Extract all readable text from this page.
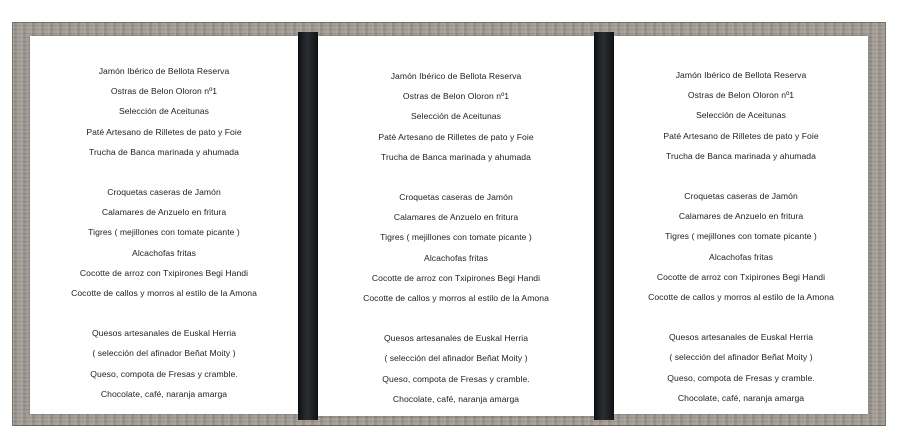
Jamón Ibérico de Bellota Reserva
Ostras de Belon Oloron nº1
Selección de Aceitunas
Paté Artesano de Rilletes de pato y Foie
Trucha de Banca marinada y ahumada
Croquetas caseras de Jamón
Calamares de Anzuelo en fritura
Tigres ( mejillones con tomate picante )
Alcachofas fritas
Cocotte de arroz con Txipirones Begi Handi
Cocotte de callos y morros al estilo de la Amona
Quesos artesanales de Euskal Herria
( selección del afinador Beñat Moity )
Queso, compota de Fresas y cramble.
Chocolate, café, naranja amarga
Jamón Ibérico de Bellota Reserva
Ostras de Belon Oloron nº1
Selección de Aceitunas
Paté Artesano de Rilletes de pato y Foie
Trucha de Banca marinada y ahumada
Croquetas caseras de Jamón
Calamares de Anzuelo en fritura
Tigres ( mejillones con tomate picante )
Alcachofas fritas
Cocotte de arroz con Txipirones Begi Handi
Cocotte de callos y morros al estilo de la Amona
Quesos artesanales de Euskal Herria
( selección del afinador Beñat Moity )
Queso, compota de Fresas y cramble.
Chocolate, café, naranja amarga
Jamón Ibérico de Bellota Reserva
Ostras de Belon Oloron nº1
Selección de Aceitunas
Paté Artesano de Rilletes de pato y Foie
Trucha de Banca marinada y ahumada
Croquetas caseras de Jamón
Calamares de Anzuelo en fritura
Tigres ( mejillones con tomate picante )
Alcachofas fritas
Cocotte de arroz con Txipirones Begi Handi
Cocotte de callos y morros al estilo de la Amona
Quesos artesanales de Euskal Herria
( selección del afinador Beñat Moity )
Queso, compota de Fresas y cramble.
Chocolate, café, naranja amarga
